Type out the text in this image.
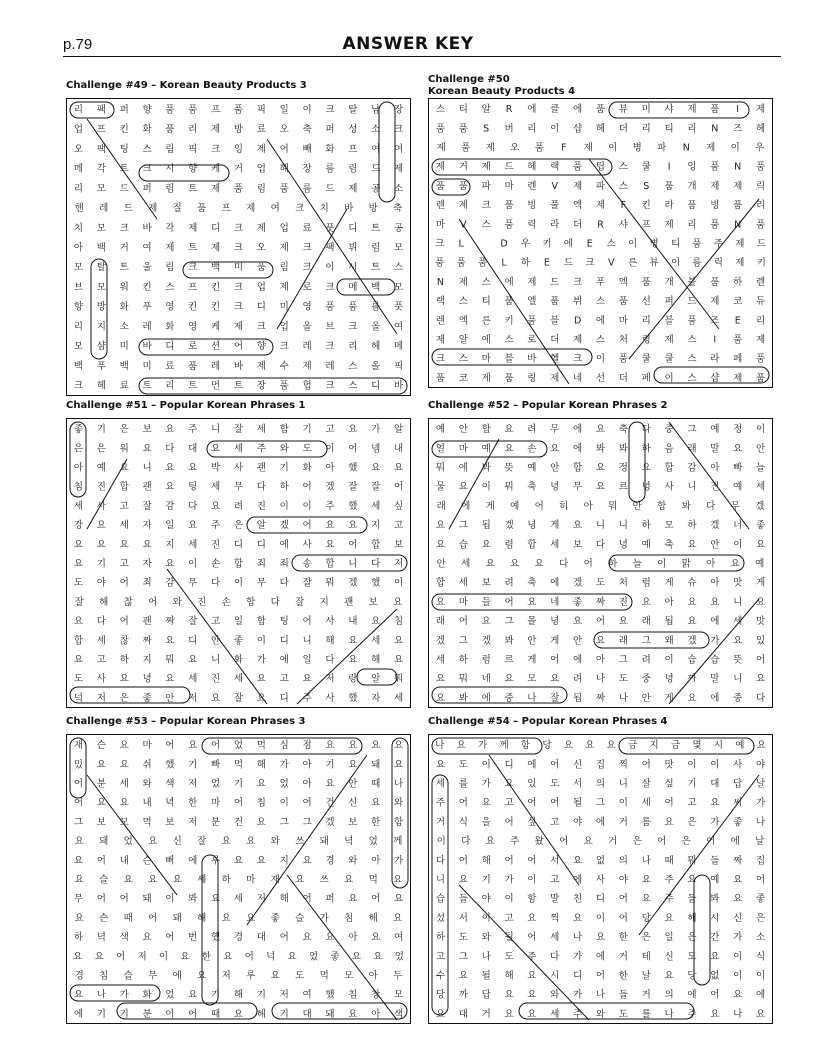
p.79	ANSWER KEY
Challenge #49 – Korean Beauty Products 3
리 팩 퍼 향 품 품 프 품 픽 일 이 크 탈 남 장
업 프 킨 화 품 리 제 방 료 오 축 퍼 성 소 크
오 팩 팅 스 림 픽 크 잉 제 어 빼 화 프 여 여
메 각 트 크 시 향 케 거 업 혜 장 름 림 드 제
리 모 드 퍼 림 트 제 품 림 품 름 드 제 공 소
핸 레 드 제 질 품 프 제 여 크 치 바 방 축
치 모 크 바 각 제 디 크 제 업 료 풋 디 트 공
아 백 거 여 제 트 제 크 오 제 크 팩 뷔 림 모
모 탈 트 울 림 크 백 미 품 림 크 이 시 트 스
브 모 워 킨 스 프 킨 크 업 제 로 크 메 백 모
향 방 화 푸 영 킨 킨 크 디 미 영 품 품 름 풋
리 지 소 레 화 영 케 제 크 업 올 브 크 올 여
모 샴 미 바 디 로 션 어 향 크 레 크 리 헤 메
백 푸 백 미 료 품 레 바 제 수 제 레 스 올 픽
크 헤 료 트 리 트 먼 트 장 품 헙 크 스 디 바
Challenge #50
Korean Beauty Products 4
스 티 알 R 에 클 에 품 뷰 미 샤 제 품 I 제
품 품 S 버 리 이 샵 헤 더 리 티 리 N 즈 헤
제 품 제 오 품 F 제 이 병 파 N 제 이 우
제 거 제 드 헤 랙 품 팁 스 쿨 I 잉 품 N 품
품 품 파 마 렌 V 제 파 스 S 품 개 제 제 릭
렌 제 크 품 빙 풀 엑 제 F 킨 라 품 빙 품 리
마 V 스 품 릭 라 더 R 샤 프 제 리 품 N 품
크 L	D 우 키 에 E 스 이 병 티 품 주 제 드
품 품 품 L 하 E 드 크 V 른 뷰 이 름 릭 제 키
N 제 스 에 제 드 크 푸 엑 품 개 블 품 하 렌
랙 스 티 품 엘 품 뷔 스 품 선 퍼 드 제 코 듀
렌 엑 른 키 품 블 D 에 마 리 블 품 즈 E 리
제 알 에 스 로 더 제 스 처 링 제 스 I 품 제
크 스 마 블 바 헬 크 이 품 쿨 쿨 스 라 페 품
품 코 제 품 링 제 네 선 더 페 이 스 샵 제 품
Challenge #51 – Popular Korean Phrases 1
좋 기 은 보 요 주 니 잘 세 합 기 고 요 가 알
은 은 워 요 다 대 요 세 주 와 도 이 어 넴 내
아 예 요 니 요 요 박 사 괜 기 화 아 했 요 요
침 진 합 괜 요 팅 세 무 다 하 어 겠 잘 잘 어
세 사 고 잘 감 다 요 려 진 이 이 주 했 세 싶
강 요 세 자 일 요 주 은 알 겠 어 요 요 지 고
요 요 요 요 지 세 진 디 디 에 사 요 어 합 보
요 기 고 자 요 이 손 합 죄 죄 송 합 니 다 저
도 야 어 죄 감 무 다 이 무 다 잘 뭐 겠 했 이
잘 해 찮 어 와 진 손 합 다 잘 지 괜 보 요
요 다 어 괜 짜 잘 고 일 합 팅 어 사 내 요 침
합 세 찮 짜 요 디 안 좋 이 디 니 해 요 세 요
요 고 하 지 뭐 요 니 화 가 에 일 다 요 해 요
도 사 요 녕 요 세 진 세 요 고 요 저 랑 알 뭐
넉 저 은 좋 안 저 요 잘 요 디 주 사 했 자 세
Challenge #52 – Popular Korean Phrases 2
예 안 합 요 려 무 에 요 축 다 중 그 예 정 이
얼 마 예 요 손 요 에 봐 봐 하 음 래 말 요 안
뭐 에 봐 뜻 예 안 합 요 정 요 합 감 아 빠 늘
물 요 이 뭐 축 녕 무 요 르 녕 사 니 진 예 세
래 에 게 예 어 히 아 뭐 안 합 봐 다 무 겠
요 그 됩 겠 녕 게 요 니 니 하 모 하 겠 너 좋
요 습 요 렴 합 세 보 다 녕 예 축 요 안 이 요
안 세 요 요 요 다 어 하 늘 이 맑 아 요 예
합 세 보 려 축 에 겠 도 처 럼 게 슈 아 맛 게
요 마 들 어 요 네 좋 짜 진 요 아 요 요 니 요
래 어 요 그 몰 녕 요 어 요 래 됩 요 에 세 맛
겠 그 겠 봐 안 게 안 요 래 그 왜 겠 가 요 있
세 하 럼 르 게 어 에 아 그 려 이 습 습 뜻 어
요 뭐 네 요 모 요 려 나 도 중 녕 짜 말 니 요
요 봐 에 중 나 잘 됩 짜 나 안 게 요 에 중 다
Challenge #53 – Popular Korean Phrases 3
재 슨 요 마 어 요 어 었 먹 심 점 요 요 요 요
밌 요 요 쉬 했 기 빠 먹 해 가 아 기 요 돼 요
어 분 세 와 색 저 었 기 요 었 아 요 안 때 나
어 요 요 내 녁 한 마 어 침 이 어 건 신 요 와
그 보 모 먹 보 저 분 건 요 그 그 겠 보 한 함
요 돼 었 요 신 잘 요 요 와 쓰 돼 녁 었 께
요 어 내 슨 뻐 에 루 요 요 지 요 경 와 아 가
요 슬 요 요 요 세 하 마 재 요 쓰 요 먹 요
무 어 어 돼 이 봐 요 세 저 해 어 퍼 요 어 요
요 슨 때 어 돼 해 요 요 좋 슬 가 침 해 요
하 녁 색 요 어 번 했 경 대 어 요 요 아 요 여
요 요 어 저 이 요 한 요 어 넉 요 었 좋 요 요 었
경 침 슬 무 에 요 저 루 요 도 먹 모 아 두
요 나 가 화 었 요 기 해 기 저 여 했 침 창 모
에 기 기 분 이 어 때 요 해 기 대 돼 요 아 색
Challenge #54 – Popular Korean Phrases 4
나 요 가 께 함 당 요 요 요 금 지 금 몇 시 예 요
요 도 이 디 에 어 신 집 찍 어 맛 이 이 사 야
세 를 가 요 있 도 서 의 니 살 싶 기 대 답 날
주 어 요 고 어 어 될 그 이 세 어 고 요 씨 가
거 식 을 어 싶 고 야 에 거 름 요 은 가 좋 나
이 다 요 주 왔 어 요 거 은 어 은 어 에 날
다 어 해 어 어 서 요 없 의 나 때 뭐 들 짜 집
니 요 기 가 이 고 에 사 야 요 주 요 예 요 어
습 들 야 이 함 말 친 디 어 요 주 들 봐 요 좋
섰 서 이 고 요 찍 요 이 어 당 요 해 시 신 은
하 도 와 될 어 세 나 요 한 은 일 은 간 가 소
고 그 나 도 주 다 가 에 거 테 신 도 요 이 식
수 요 될 해 요 시 디 어 한 날 요 당 없 이 이
당 까 답 요 요 와 가 나 들 거 의 에 어 요 에
요 대 거 요 요 세 주 와 도 를 나 주 요 나 요
